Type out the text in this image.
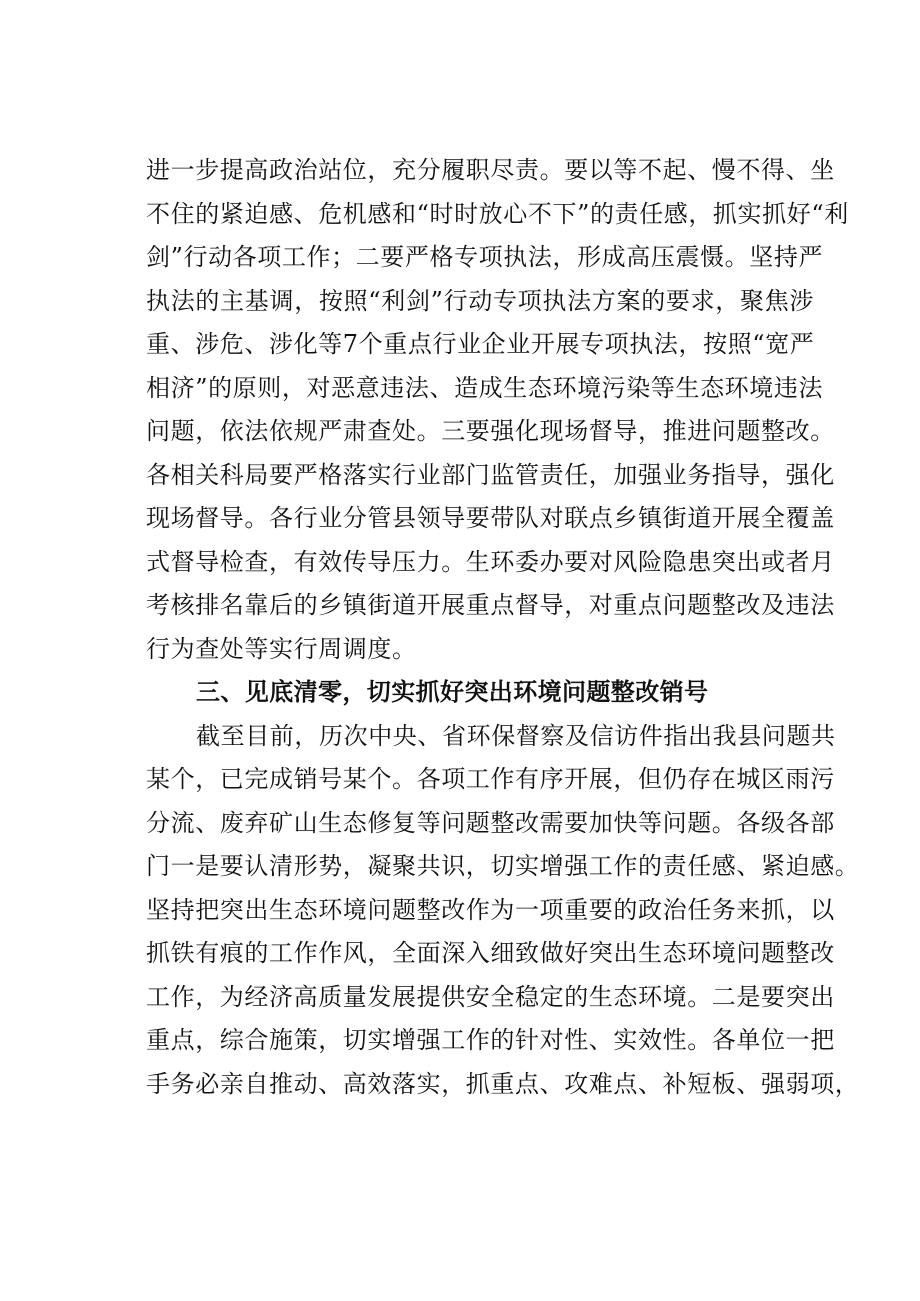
进一步提高政治站位，充分履职尽责。要以等不起、慢不得、坐
不住的紧迫感、危机感和“时时放心不下”的责任感，抓实抓好“利
剑”行动各项工作；二要严格专项执法，形成高压震慑。坚持严
执法的主基调，按照“利剑”行动专项执法方案的要求，聚焦涉
重、涉危、涉化等7个重点行业企业开展专项执法，按照“宽严
相济”的原则，对恶意违法、造成生态环境污染等生态环境违法
问题，依法依规严肃查处。三要强化现场督导，推进问题整改。
各相关科局要严格落实行业部门监管责任，加强业务指导，强化
现场督导。各行业分管县领导要带队对联点乡镇街道开展全覆盖
式督导检查，有效传导压力。生环委办要对风险隐患突出或者月
考核排名靠后的乡镇街道开展重点督导，对重点问题整改及违法
行为查处等实行周调度。
三、见底清零，切实抓好突出环境问题整改销号
截至目前，历次中央、省环保督察及信访件指出我县问题共
某个，已完成销号某个。各项工作有序开展，但仍存在城区雨污
分流、废弃矿山生态修复等问题整改需要加快等问题。各级各部
门一是要认清形势，凝聚共识，切实增强工作的责任感、紧迫感。
坚持把突出生态环境问题整改作为一项重要的政治任务来抓，以
抓铁有痕的工作作风，全面深入细致做好突出生态环境问题整改
工作，为经济高质量发展提供安全稳定的生态环境。二是要突出
重点，综合施策，切实增强工作的针对性、实效性。各单位一把
手务必亲自推动、高效落实，抓重点、攻难点、补短板、强弱项，
